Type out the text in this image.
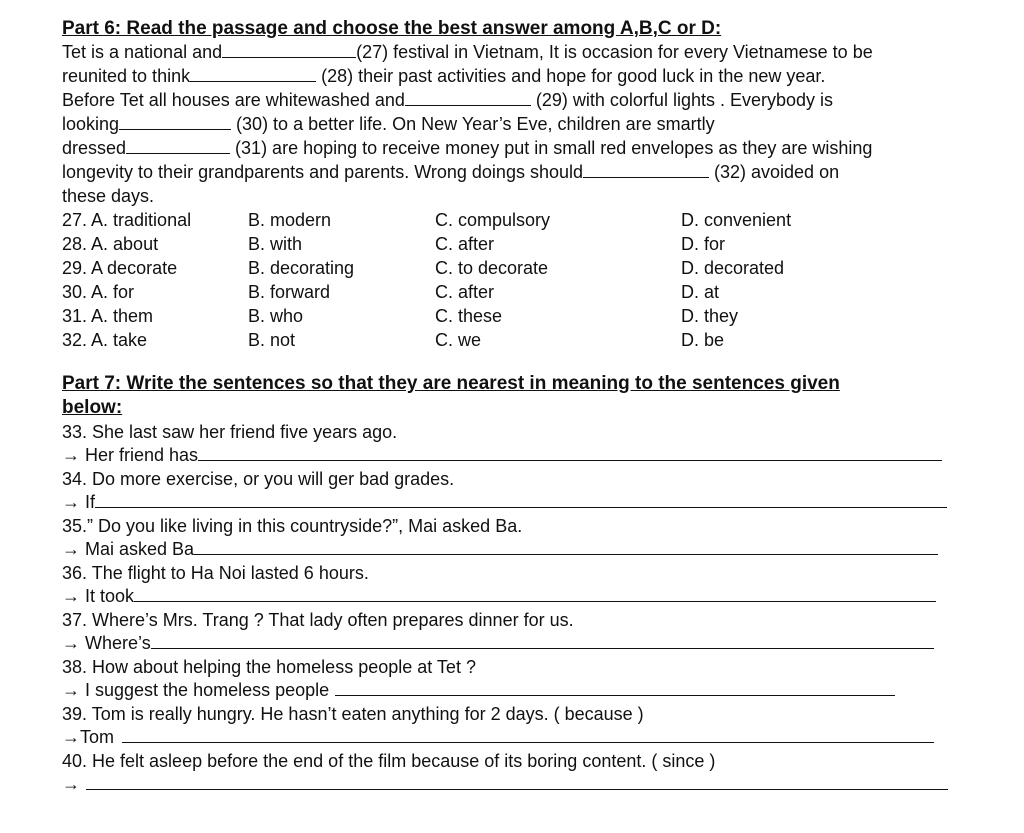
Part 6: Read the passage and choose the best answer among A,B,C or D:
Tet is a national and	(27) festival in Vietnam, It is occasion for every Vietnamese to be
reunited to think	(28) their past activities and hope for good luck in the new year.
Before Tet all houses are whitewashed and	(29) with colorful lights . Everybody is
looking	(30) to a better life. On New Year’s Eve, children are smartly
dressed	(31) are hoping to receive money put in small red envelopes as they are wishing
longevity to their grandparents and parents. Wrong doings should	(32) avoided on
these days.
27. A. traditional	B. modern	C. compulsory	D. convenient
28. A. about	B. with	C. after	D. for
29. A decorate	B. decorating	C. to decorate	D. decorated
30. A. for	B. forward	C. after	D. at
31. A. them	B. who	C. these	D. they
32. A. take	B. not	C. we	D. be
Part 7: Write the sentences so that they are nearest in meaning to the sentences given
below:
33. She last saw her friend five years ago.
→ Her friend has
34. Do more exercise, or you will ger bad grades.
→ If
35.” Do you like living in this countryside?”, Mai asked Ba.
→ Mai asked Ba
36. The flight to Ha Noi lasted 6 hours.
→ It took
37. Where’s Mrs. Trang ? That lady often prepares dinner for us.
→ Where’s
38. How about helping the homeless people at Tet ?
→ I suggest the homeless people
39. Tom is really hungry. He hasn’t eaten anything for 2 days. ( because )
→Tom
40. He felt asleep before the end of the film because of its boring content. ( since )
→
